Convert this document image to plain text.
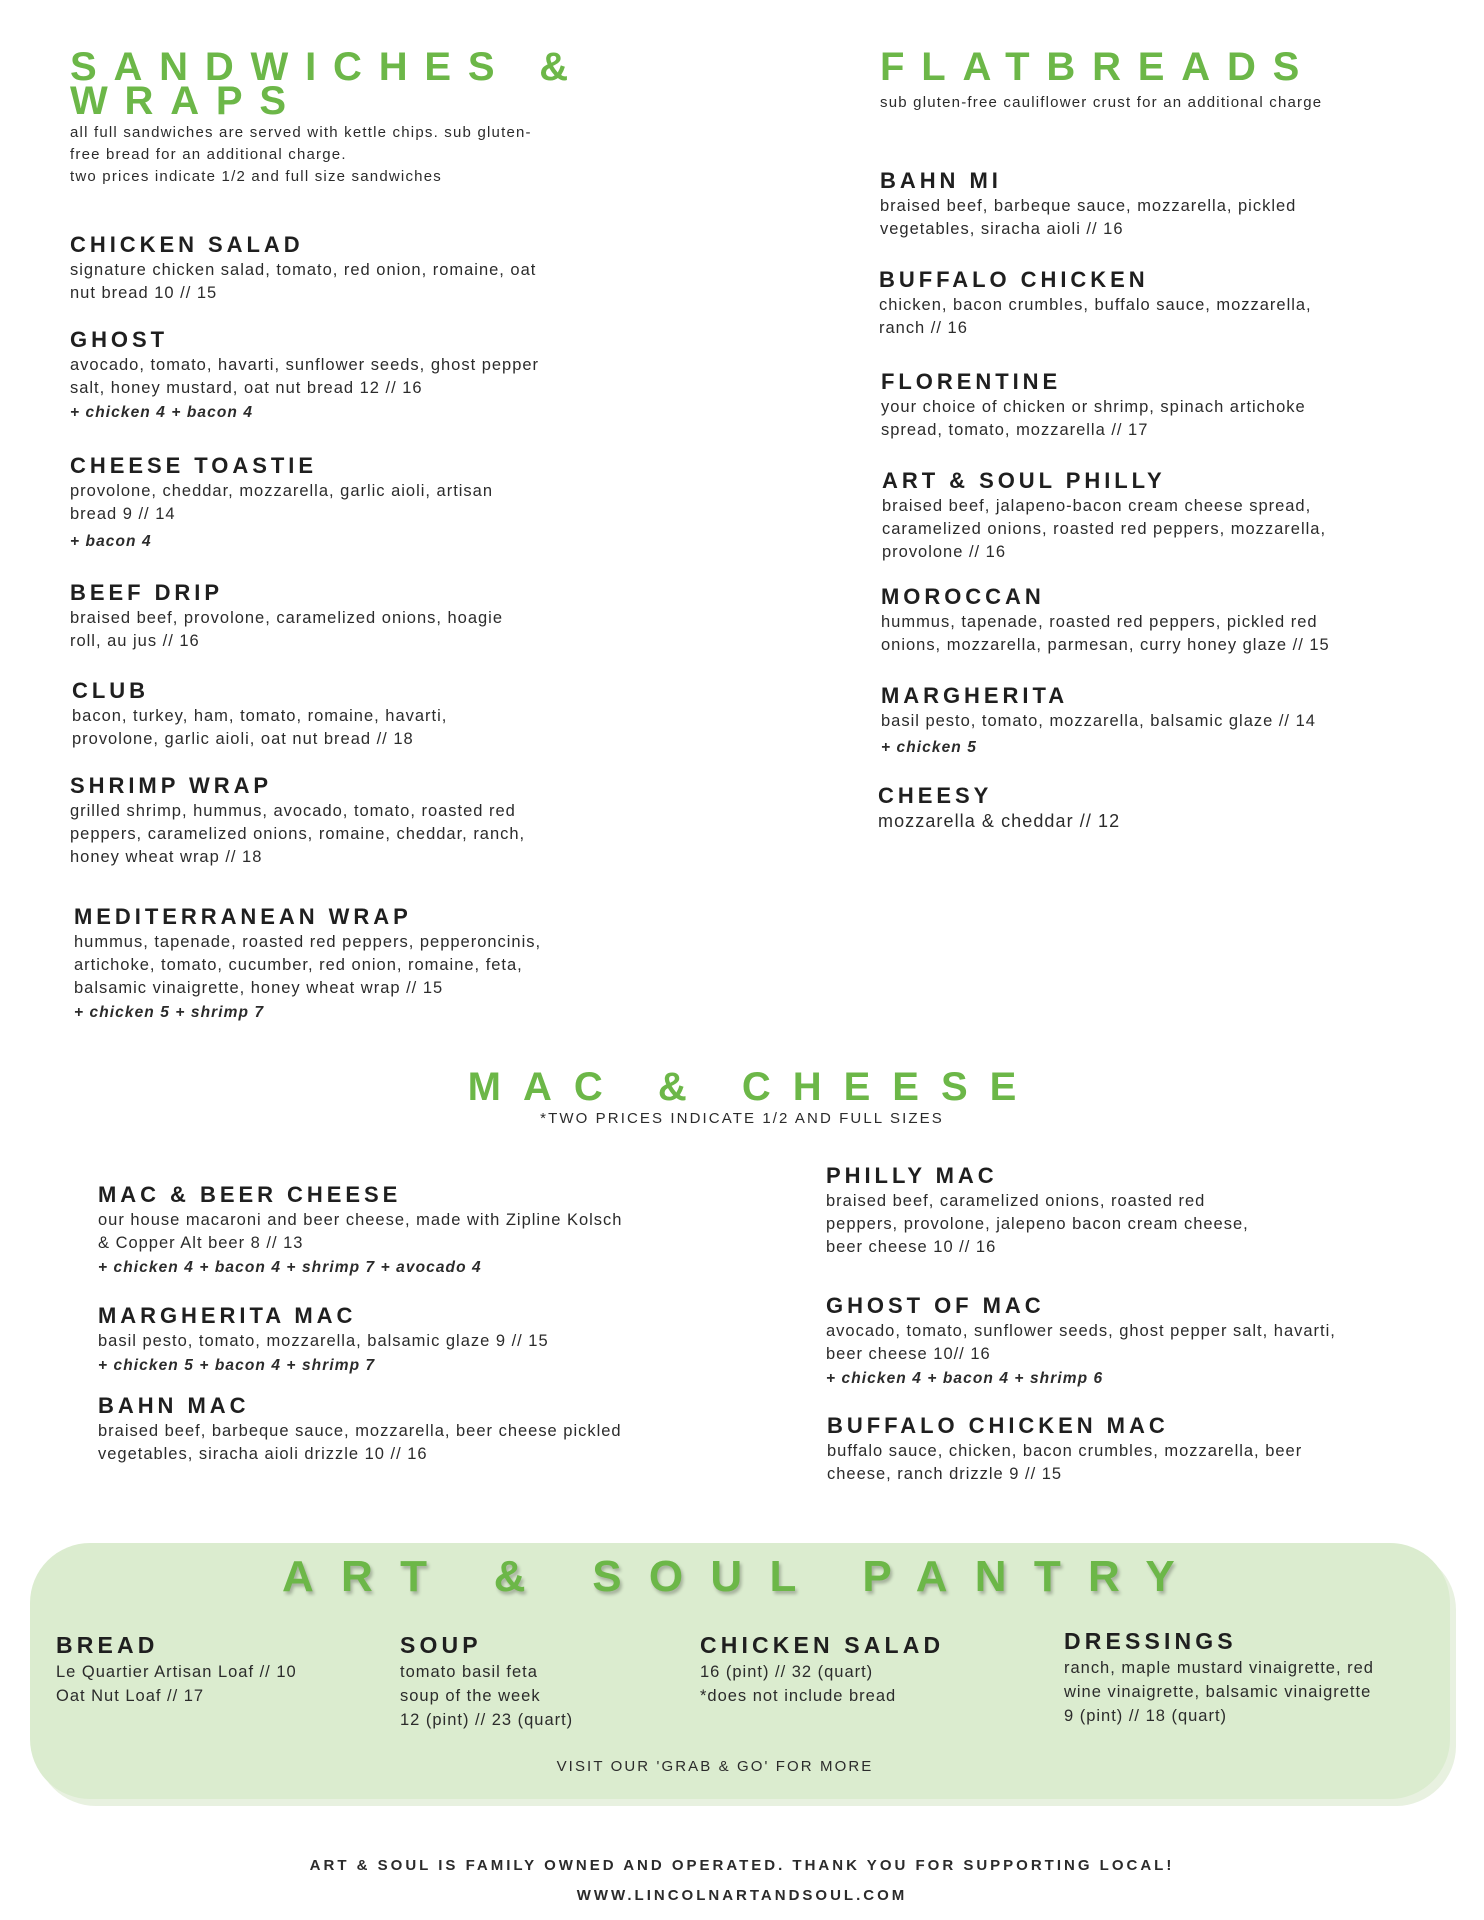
SANDWICHES & WRAPS

all full sandwiches are served with kettle chips. sub gluten-

free bread for an additional charge.

two prices indicate 1/2 and full size sandwiches

CHICKEN SALAD

signature chicken salad, tomato, red onion, romaine, oat

nut bread 10 // 15

GHOST

avocado, tomato, havarti, sunflower seeds, ghost pepper

salt, honey mustard, oat nut bread 12 // 16

+ chicken 4 + bacon 4

CHEESE TOASTIE

provolone, cheddar, mozzarella, garlic aioli, artisan

bread 9 // 14

+ bacon 4

BEEF DRIP

braised beef, provolone, caramelized onions, hoagie

roll, au jus // 16

CLUB

bacon, turkey, ham, tomato, romaine, havarti,

provolone, garlic aioli, oat nut bread // 18

SHRIMP WRAP

grilled shrimp, hummus, avocado, tomato, roasted red

peppers, caramelized onions, romaine, cheddar, ranch,

honey wheat wrap // 18

MEDITERRANEAN WRAP

hummus, tapenade, roasted red peppers, pepperoncinis,

artichoke, tomato, cucumber, red onion, romaine, feta,

balsamic vinaigrette, honey wheat wrap // 15

+ chicken 5 + shrimp 7

FLATBREADS

sub gluten-free cauliflower crust for an additional charge

BAHN MI

braised beef, barbeque sauce, mozzarella, pickled

vegetables, siracha aioli // 16

BUFFALO CHICKEN

chicken, bacon crumbles, buffalo sauce, mozzarella,

ranch // 16

FLORENTINE

your choice of chicken or shrimp, spinach artichoke

spread, tomato, mozzarella // 17

ART & SOUL PHILLY

braised beef, jalapeno-bacon cream cheese spread,

caramelized onions, roasted red peppers, mozzarella,

provolone // 16

MOROCCAN

hummus, tapenade, roasted red peppers, pickled red

onions, mozzarella, parmesan, curry honey glaze // 15

MARGHERITA

basil pesto, tomato, mozzarella, balsamic glaze // 14

+ chicken 5

CHEESY

mozzarella & cheddar // 12

MAC & CHEESE

*TWO PRICES INDICATE 1/2 AND FULL SIZES

MAC & BEER CHEESE

our house macaroni and beer cheese, made with Zipline Kolsch

& Copper Alt beer 8 // 13

+ chicken 4 + bacon 4 + shrimp 7 + avocado 4

MARGHERITA MAC

basil pesto, tomato, mozzarella, balsamic glaze 9 // 15

+ chicken 5 + bacon 4 + shrimp 7

BAHN MAC

braised beef, barbeque sauce, mozzarella, beer cheese pickled

vegetables, siracha aioli drizzle 10 // 16

PHILLY MAC

braised beef, caramelized onions, roasted red

peppers, provolone, jalepeno bacon cream cheese,

beer cheese 10 // 16

GHOST OF MAC

avocado, tomato, sunflower seeds, ghost pepper salt, havarti,

beer cheese 10// 16

+ chicken 4 + bacon 4 + shrimp 6

BUFFALO CHICKEN MAC

buffalo sauce, chicken, bacon crumbles, mozzarella, beer

cheese, ranch drizzle 9 // 15

ART & SOUL PANTRY

BREAD

Le Quartier Artisan Loaf // 10

Oat Nut Loaf // 17

SOUP

tomato basil feta

soup of the week

12 (pint) // 23 (quart)

CHICKEN SALAD

16 (pint) // 32 (quart)

*does not include bread

DRESSINGS

ranch, maple mustard vinaigrette, red

wine vinaigrette, balsamic vinaigrette

9 (pint) // 18 (quart)

VISIT OUR 'GRAB & GO' FOR MORE
ART & SOUL IS FAMILY OWNED AND OPERATED. THANK YOU FOR SUPPORTING LOCAL!
WWW.LINCOLNARTANDSOUL.COM
